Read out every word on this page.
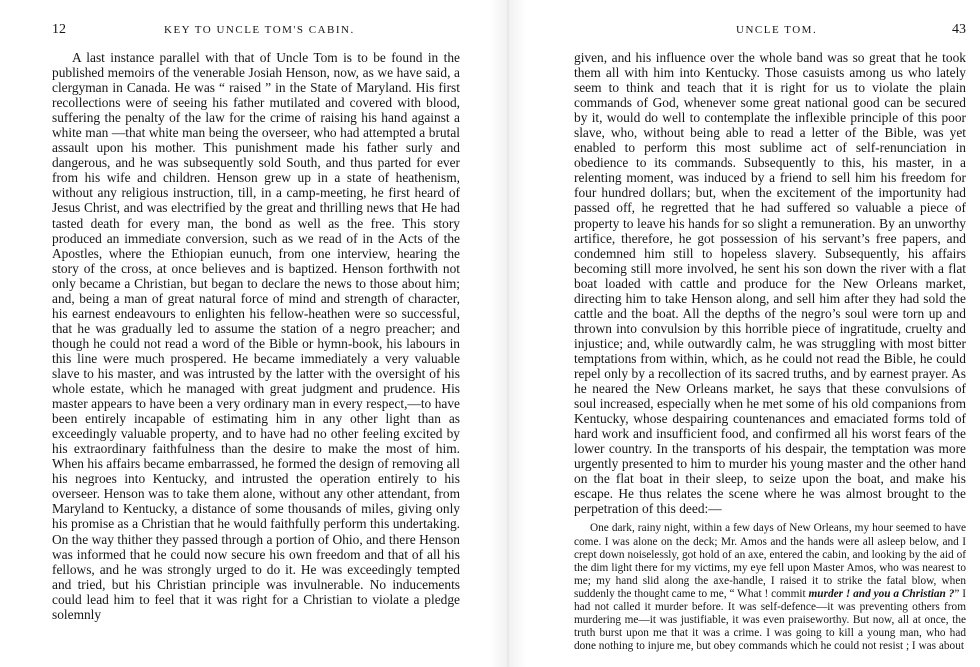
12	KEY TO UNCLE TOM'S CABIN.

A last instance parallel with that of Uncle Tom is to be found in the published memoirs of the venerable Josiah Henson, now, as we have said, a clergyman in Canada. He was “ raised ” in the State of Maryland. His first recollections were of seeing his father mutilated and covered with blood, suffering the penalty of the law for the crime of raising his hand against a white man —that white man being the overseer, who had attempted a brutal assault upon his mother. This punishment made his father surly and dangerous, and he was subsequently sold South, and thus parted for ever from his wife and children. Henson grew up in a state of heathenism, without any religious instruction, till, in a camp-meeting, he first heard of Jesus Christ, and was electrified by the great and thrilling news that He had tasted death for every man, the bond as well as the free. This story produced an immediate conversion, such as we read of in the Acts of the Apostles, where the Ethiopian eunuch, from one interview, hearing the story of the cross, at once believes and is baptized. Henson forthwith not only became a Christian, but began to declare the news to those about him; and, being a man of great natural force of mind and strength of character, his earnest endeavours to enlighten his fellow-heathen were so successful, that he was gradually led to assume the station of a negro preacher; and though he could not read a word of the Bible or hymn-book, his labours in this line were much prospered. He became immediately a very valuable slave to his master, and was intrusted by the latter with the oversight of his whole estate, which he managed with great judgment and prudence. His master appears to have been a very ordinary man in every respect,—to have been entirely incapable of estimating him in any other light than as exceedingly valuable property, and to have had no other feeling excited by his extraordinary faithfulness than the desire to make the most of him. When his affairs became embarrassed, he formed the design of removing all his negroes into Kentucky, and intrusted the operation entirely to his overseer. Henson was to take them alone, without any other attendant, from Maryland to Kentucky, a distance of some thousands of miles, giving only his promise as a Christian that he would faithfully perform this undertaking. On the way thither they passed through a portion of Ohio, and there Henson was informed that he could now secure his own freedom and that of all his fellows, and he was strongly urged to do it. He was exceedingly tempted and tried, but his Christian principle was invulnerable. No inducements could lead him to feel that it was right for a Christian to violate a pledge solemnly

UNCLE TOM.	43

given, and his influence over the whole band was so great that he took them all with him into Kentucky. Those casuists among us who lately seem to think and teach that it is right for us to violate the plain commands of God, whenever some great national good can be secured by it, would do well to contemplate the inflexible principle of this poor slave, who, without being able to read a letter of the Bible, was yet enabled to perform this most sublime act of self-renunciation in obedience to its commands. Subsequently to this, his master, in a relenting moment, was induced by a friend to sell him his freedom for four hundred dollars; but, when the excitement of the importunity had passed off, he regretted that he had suffered so valuable a piece of property to leave his hands for so slight a remuneration. By an unworthy artifice, therefore, he got possession of his servant’s free papers, and condemned him still to hopeless slavery. Subsequently, his affairs becoming still more involved, he sent his son down the river with a flat boat loaded with cattle and produce for the New Orleans market, directing him to take Henson along, and sell him after they had sold the cattle and the boat. All the depths of the negro’s soul were torn up and thrown into convulsion by this horrible piece of ingratitude, cruelty and injustice; and, while outwardly calm, he was struggling with most bitter temptations from within, which, as he could not read the Bible, he could repel only by a recollection of its sacred truths, and by earnest prayer. As he neared the New Orleans market, he says that these convulsions of soul increased, especially when he met some of his old companions from Kentucky, whose despairing countenances and emaciated forms told of hard work and insufficient food, and confirmed all his worst fears of the lower country. In the transports of his despair, the temptation was more urgently presented to him to murder his young master and the other hand on the flat boat in their sleep, to seize upon the boat, and make his escape. He thus relates the scene where he was almost brought to the perpetration of this deed:—

One dark, rainy night, within a few days of New Orleans, my hour seemed to have come. I was alone on the deck; Mr. Amos and the hands were all asleep below, and I crept down noiselessly, got hold of an axe, entered the cabin, and looking by the aid of the dim light there for my victims, my eye fell upon Master Amos, who was nearest to me; my hand slid along the axe-handle, I raised it to strike the fatal blow, when suddenly the thought came to me, “ What ! commit murder ! and you a Christian ?” I had not called it murder before. It was self-defence—it was preventing others from murdering me—it was justifiable, it was even praiseworthy. But now, all at once, the truth burst upon me that it was a crime. I was going to kill a young man, who had done nothing to injure me, but obey commands which he could not resist ; I was about
